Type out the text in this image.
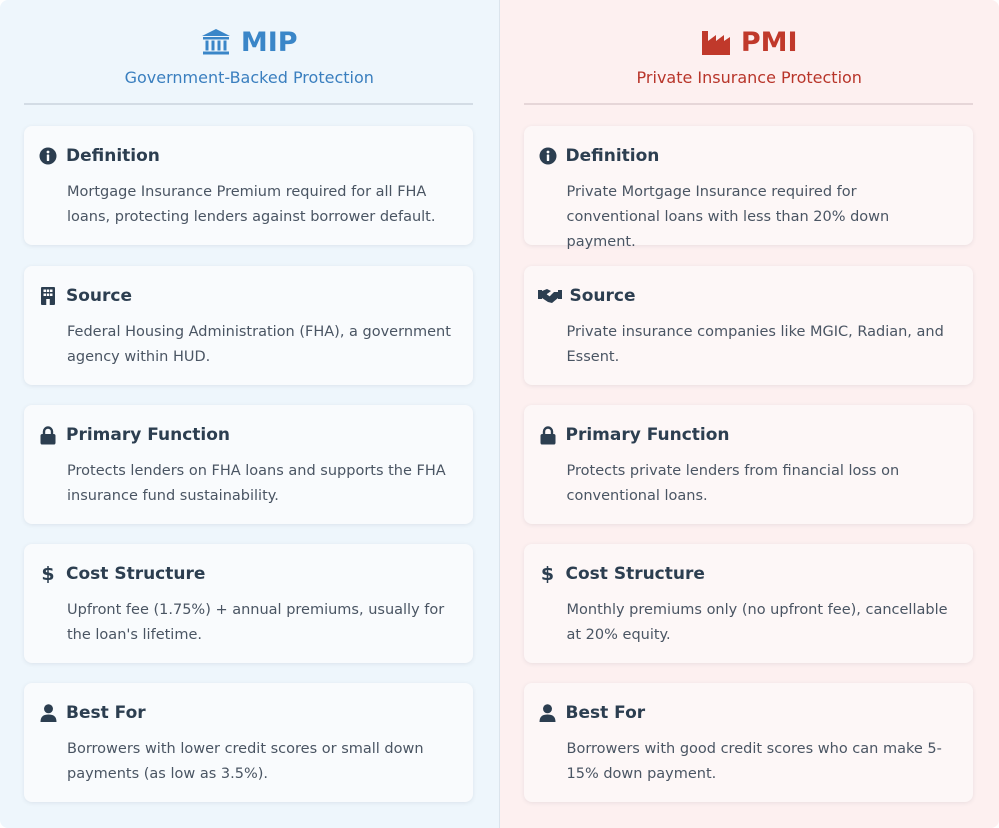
MIP
Government-Backed Protection
Definition
Mortgage Insurance Premium required for all FHA loans, protecting lenders against borrower default.
Source
Federal Housing Administration (FHA), a government agency within HUD.
Primary Function
Protects lenders on FHA loans and supports the FHA insurance fund sustainability.
$ Cost Structure
Upfront fee (1.75%) + annual premiums, usually for the loan's lifetime.
Best For
Borrowers with lower credit scores or small down payments (as low as 3.5%).
PMI
Private Insurance Protection
Definition
Private Mortgage Insurance required for conventional loans with less than 20% down payment.
Source
Private insurance companies like MGIC, Radian, and Essent.
Primary Function
Protects private lenders from financial loss on conventional loans.
$ Cost Structure
Monthly premiums only (no upfront fee), cancellable at 20% equity.
Best For
Borrowers with good credit scores who can make 5-15% down payment.
